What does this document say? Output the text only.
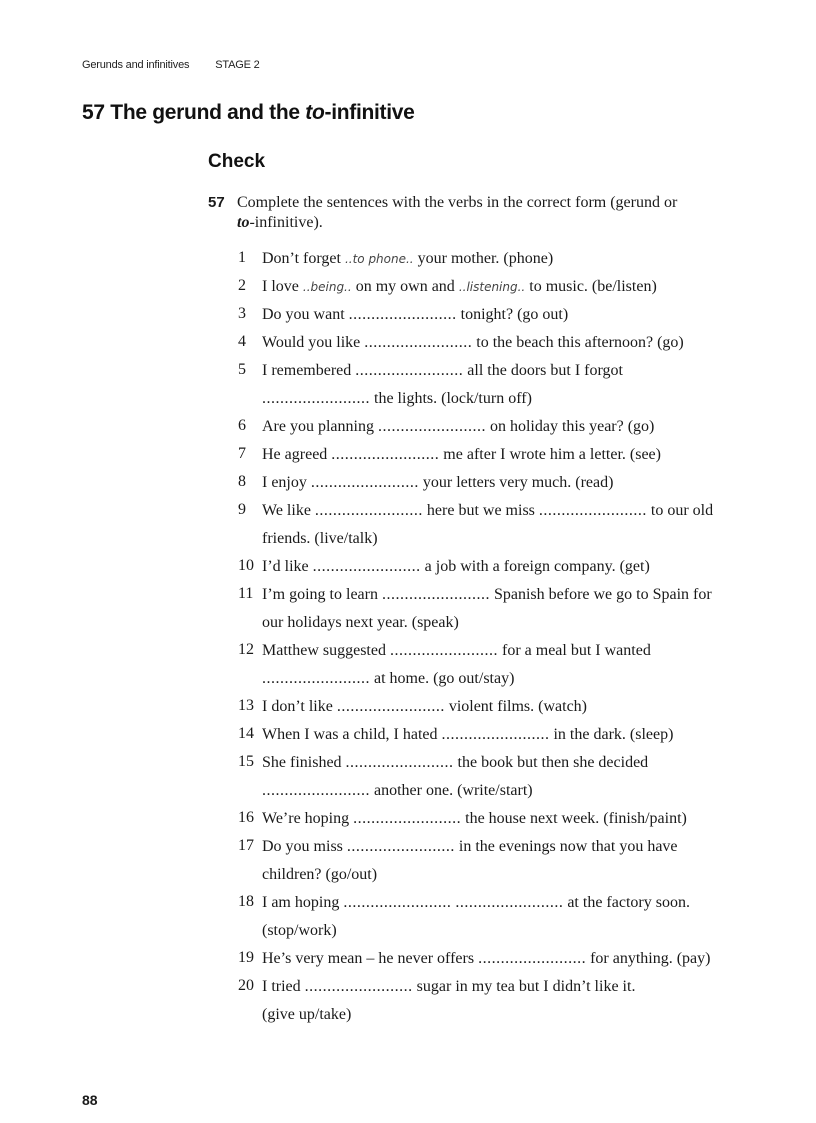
Gerunds and infinitives STAGE 2
57 The gerund and the to-infinitive
Check
57 Complete the sentences with the verbs in the correct form (gerund or
to-infinitive).
1 Don’t forget ..to phone.. your mother. (phone)
2 I love ..being.. on my own and ..listening.. to music. (be/listen)
3 Do you want ........................ tonight? (go out)
4 Would you like ........................ to the beach this afternoon? (go)
5 I remembered ........................ all the doors but I forgot
........................ the lights. (lock/turn off)
6 Are you planning ........................ on holiday this year? (go)
7 He agreed ........................ me after I wrote him a letter. (see)
8 I enjoy ........................ your letters very much. (read)
9 We like ........................ here but we miss ........................ to our old
friends. (live/talk)
10 I’d like ........................ a job with a foreign company. (get)
11 I’m going to learn ........................ Spanish before we go to Spain for
our holidays next year. (speak)
12 Matthew suggested ........................ for a meal but I wanted
........................ at home. (go out/stay)
13 I don’t like ........................ violent films. (watch)
14 When I was a child, I hated ........................ in the dark. (sleep)
15 She finished ........................ the book but then she decided
........................ another one. (write/start)
16 We’re hoping ........................ the house next week. (finish/paint)
17 Do you miss ........................ in the evenings now that you have
children? (go/out)
18 I am hoping ........................ ........................ at the factory soon.
(stop/work)
19 He’s very mean – he never offers ........................ for anything. (pay)
20 I tried ........................ sugar in my tea but I didn’t like it.
(give up/take)
88
